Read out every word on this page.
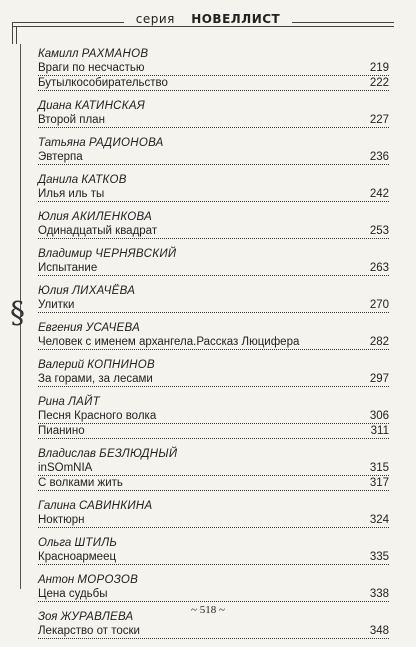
серия НОВЕЛЛИСТ
§
Камилл РАХМАНОВ
Враги по несчастью	219
Бутылкособирательство	222
Диана КАТИНСКАЯ
Второй план	227
Татьяна РАДИОНОВА
Эвтерпа	236
Данила КАТКОВ
Илья иль ты	242
Юлия АКИЛЕНКОВА
Одинадцатый квадрат	253
Владимир ЧЕРНЯВСКИЙ
Испытание	263
Юлия ЛИХАЧЁВА
Улитки	270
Евгения УСАЧЕВА
Человек с именем архангела.Рассказ Люцифера	282
Валерий КОПНИНОВ
За горами, за лесами	297
Рина ЛАЙТ
Песня Красного волка	306
Пианино	311
Владислав БЕЗЛЮДНЫЙ
inSOmNIA	315
С волками жить	317
Галина САВИНКИНА
Ноктюрн	324
Ольга ШТИЛЬ
Красноармеец	335
Антон МОРОЗОВ
Цена судьбы	338
Зоя ЖУРАВЛЕВА
Лекарство от тоски	348
~ 518 ~
